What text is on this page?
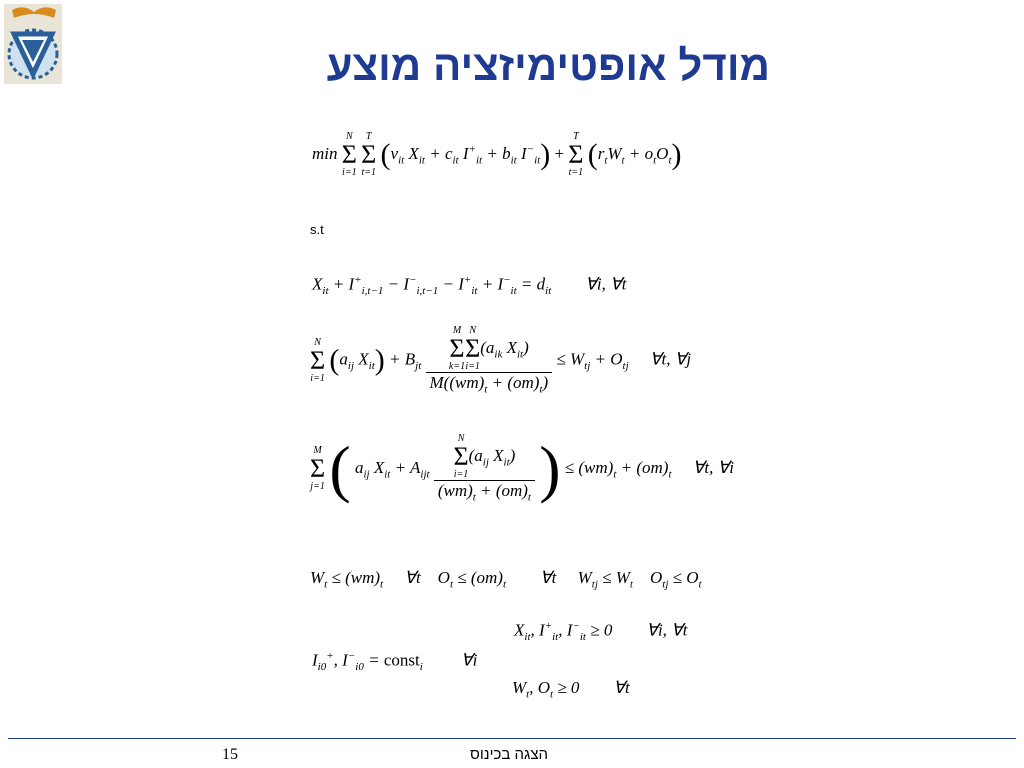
מודל אופטימיזציה מוצע
min
N
Σ
i=1

T
Σ
t=1
($v_{it}$ $X_{it} + c_{it}$ $I^+_{it} + b_{it}$ $I^-_{it}$) +
T
Σ
t=1
$(r_tW_t + o_tO_t)$
s.t
$X_{it} + I^+_{i,t-1} - I^-_{i,t-1} - I^+_{it} + I^-_{it} = d_{it}$        ∀i, ∀t
N
Σ
i=1
($a_{ij}$ $X_{it}) + B_{jt}$ M
Σ
k=1
N
Σ
i=1
($a_{ik}$ $X_{it}$)
$M((wm)_t + (om)_t) \le W_{tj} + O_{tj}$     ∀t, ∀j
M
Σ
j=1 ( $a_{ij}$ $X_{it} + A_{ijt}$ N
Σ
i=1
($a_{ij}$ $X_{it}$)
$(wm)_t + (om)_t$ ) ≤ $(wm)_t + (om)_t$     ∀t, ∀i
$W_t \le (wm)_t$     ∀t    $O_t \le (om)_t$        ∀t     $W_{tj} \le W_t$    $O_{tj} \le O_t$
$X_{it}$, $I^+_{it}$, $I^-_{it} \ge 0$        ∀i, ∀t
$I_{i0}^+$, $I^-_{i0}$ = const$_i$         ∀i
$W_t$, $O_t \ge 0$        ∀t
15	הצגה בכינוס
